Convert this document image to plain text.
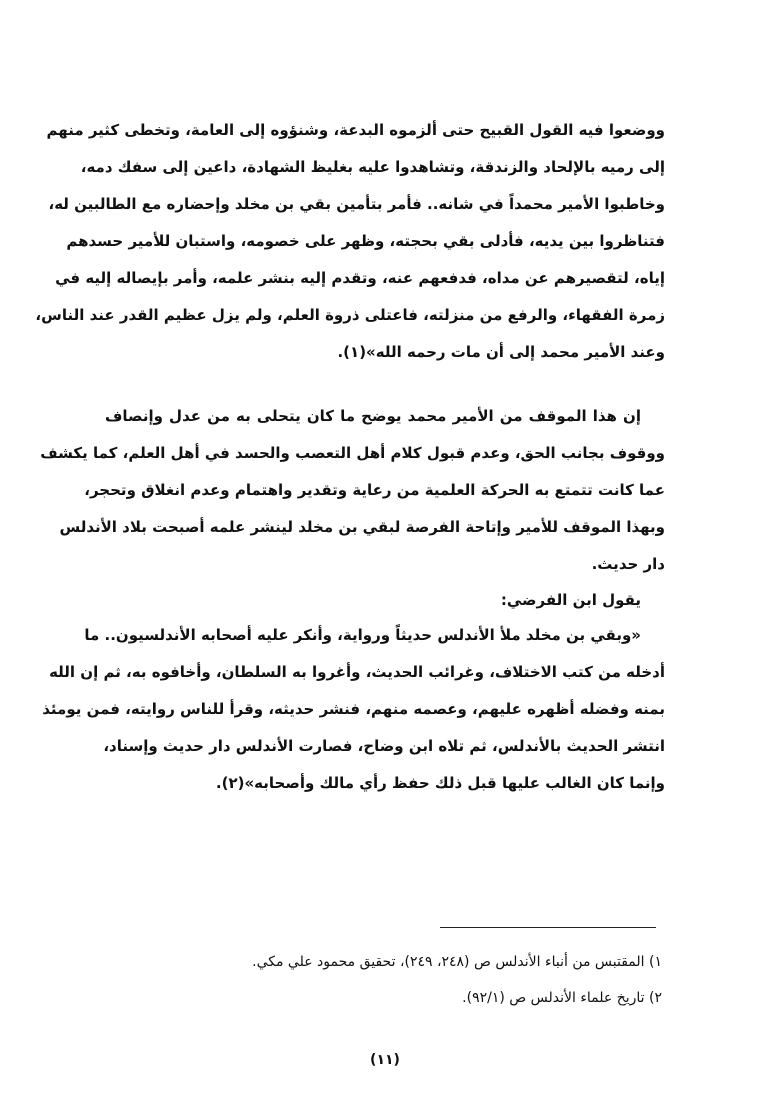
ووضعوا فيه القول القبيح حتى ألزموه البدعة، وشنؤوه إلى العامة، وتخطى كثير منهم
إلى رميه بالإلحاد والزندقة، وتشاهدوا عليه بغليظ الشهادة، داعين إلى سفك دمه،
وخاطبوا الأمير محمداً في شانه.. فأمر بتأمين بقي بن مخلد وإحضاره مع الطالبين له،
فتناظروا بين يديه، فأدلى بقي بحجته، وظهر على خصومه، واستبان للأمير حسدهم
إياه، لتقصيرهم عن مداه، فدفعهم عنه، وتقدم إليه بنشر علمه، وأمر بإيصاله إليه في
زمرة الفقهاء، والرفع من منزلته، فاعتلى ذروة العلم، ولم يزل عظيم القدر عند الناس،
وعند الأمير محمد إلى أن مات رحمه الله»(١).
إن هذا الموقف من الأمير محمد يوضح ما كان يتحلى به من عدل وإنصاف
ووقوف بجانب الحق، وعدم قبول كلام أهل التعصب والحسد في أهل العلم، كما يكشف
عما كانت تتمتع به الحركة العلمية من رعاية وتقدير واهتمام وعدم انغلاق وتحجر،
وبهذا الموقف للأمير وإتاحة الفرصة لبقي بن مخلد لينشر علمه أصبحت بلاد الأندلس
دار حديث.
يقول ابن الفرضي:
«وبقي بن مخلد ملأ الأندلس حديثاً ورواية، وأنكر عليه أصحابه الأندلسيون.. ما
أدخله من كتب الاختلاف، وغرائب الحديث، وأغروا به السلطان، وأخافوه به، ثم إن الله
بمنه وفضله أظهره عليهم، وعصمه منهم، فنشر حديثه، وقرأ للناس روايته، فمن يومئذ
انتشر الحديث بالأندلس، ثم تلاه ابن وضاح، فصارت الأندلس دار حديث وإسناد،
وإنما كان الغالب عليها قبل ذلك حفظ رأي مالك وأصحابه»(٢).
١) المقتبس من أنباء الأندلس ص (٢٤٨، ٢٤٩)، تحقيق محمود علي مكي.
٢) تاريخ علماء الأندلس ص (٩٢/١).
(١١)
